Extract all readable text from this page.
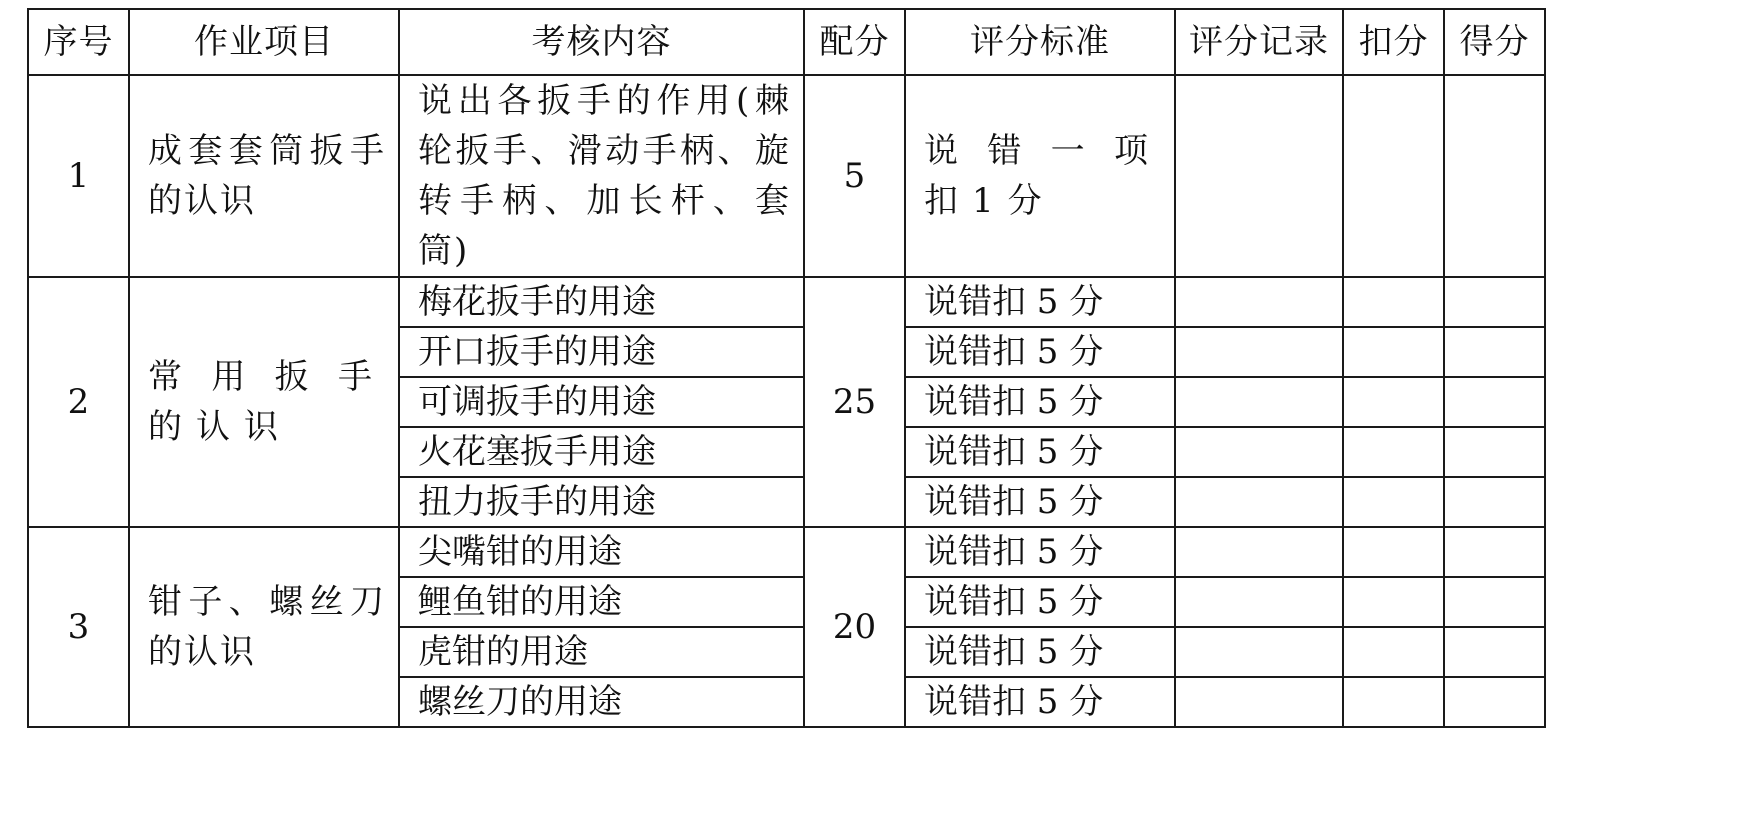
序号	作业项目	考核内容	配分	评分标准	评分记录	扣分	得分
1	成套套筒扳手的认识	说出各扳手的作用(棘轮扳手、滑动手柄、旋转手柄、加长杆、套筒)	5	说错一项扣1分			
2	常用扳手的认识	梅花扳手的用途	25	说错扣 5 分			
		开口扳手的用途		说错扣 5 分			
		可调扳手的用途		说错扣 5 分			
		火花塞扳手用途		说错扣 5 分			
		扭力扳手的用途		说错扣 5 分			
3	钳子、螺丝刀的认识	尖嘴钳的用途	20	说错扣 5 分			
		鲤鱼钳的用途		说错扣 5 分			
		虎钳的用途		说错扣 5 分			
		螺丝刀的用途		说错扣 5 分			
